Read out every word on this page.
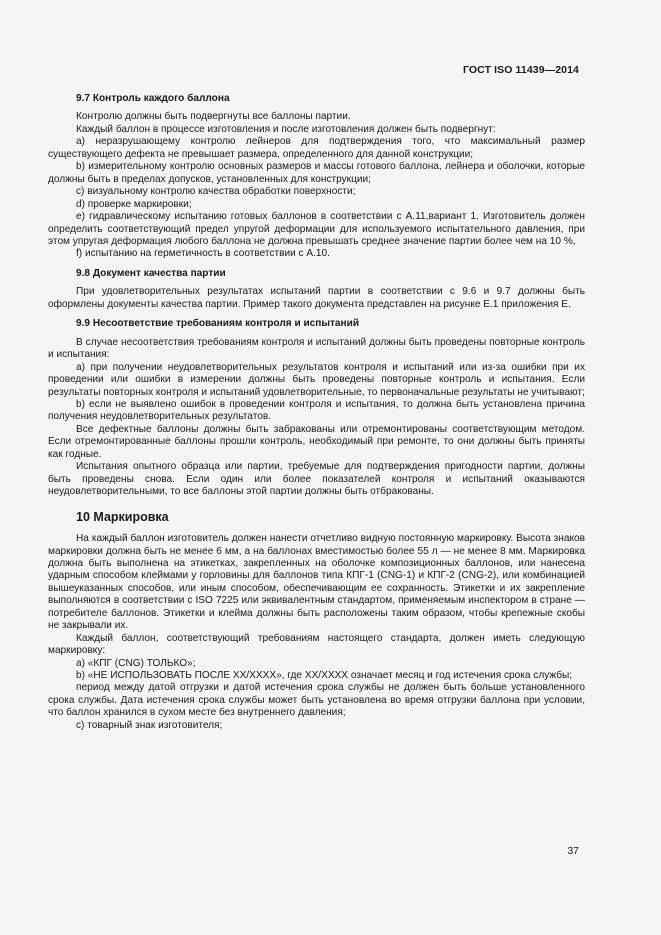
ГОСТ ISO 11439—2014
9.7 Контроль каждого баллона
Контролю должны быть подвергнуты все баллоны партии.
Каждый баллон в процессе изготовления и после изготовления должен быть подвергнут:
a) неразрушающему контролю лейнеров для подтверждения того, что максимальный размер существующего дефекта не превышает размера, определенного для данной конструкции;
b) измерительному контролю основных размеров и массы готового баллона, лейнера и оболочки, которые должны быть в пределах допусков, установленных для конструкции;
c) визуальному контролю качества обработки поверхности;
d) проверке маркировки;
e) гидравлическому испытанию готовых баллонов в соответствии с А.11,вариант 1. Изготовитель должен определить соответствующий предел упругой деформации для используемого испытательного давления, при этом упругая деформация любого баллона не должна превышать среднее значение партии более чем на 10 %,
f) испытанию на герметичность в соответствии с А.10.
9.8 Документ качества партии
При удовлетворительных результатах испытаний партии в соответствии с 9.6 и 9.7 должны быть оформлены документы качества партии. Пример такого документа представлен на рисунке Е.1 приложения Е.
9.9 Несоответствие требованиям контроля и испытаний
В случае несоответствия требованиям контроля и испытаний должны быть проведены повторные контроль и испытания:
a) при получении неудовлетворительных результатов контроля и испытаний или из-за ошибки при их проведении или ошибки в измерении должны быть проведены повторные контроль и испытания. Если результаты повторных контроля и испытаний удовлетворительные, то первоначальные результаты не учитывают;
b) если не выявлено ошибок в проведении контроля и испытания, то должна быть установлена причина получения неудовлетворительных результатов.
Все дефектные баллоны должны быть забракованы или отремонтированы соответствующим методом. Если отремонтированные баллоны прошли контроль, необходимый при ремонте, то они должны быть приняты как годные.
Испытания опытного образца или партии, требуемые для подтверждения пригодности партии, должны быть проведены снова. Если один или более показателей контроля и испытаний оказываются неудовлетворительными, то все баллоны этой партии должны быть отбракованы.
10 Маркировка
На каждый баллон изготовитель должен нанести отчетливо видную постоянную маркировку. Высота знаков маркировки должна быть не менее 6 мм, а на баллонах вместимостью более 55 л — не менее 8 мм. Маркировка должна быть выполнена на этикетках, закрепленных на оболочке композиционных баллонов, или нанесена ударным способом клеймами у горловины для баллонов типа КПГ-1 (CNG-1) и КПГ-2 (CNG-2), или комбинацией вышеуказанных способов, или иным способом, обеспечивающим ее сохранность. Этикетки и их закрепление выполняются в соответствии с ISO 7225 или эквивалентным стандартом, применяемым инспектором в стране — потребителе баллонов. Этикетки и клейма должны быть расположены таким образом, чтобы крепежные скобы не закрывали их.
Каждый баллон, соответствующий требованиям настоящего стандарта, должен иметь следующую маркировку:
a) «КПГ (CNG) ТОЛЬКО»;
b) «НЕ ИСПОЛЬЗОВАТЬ ПОСЛЕ ХХ/ХХХХ», где ХХ/ХХХХ означает месяц и год истечения срока службы;
период между датой отгрузки и датой истечения срока службы не должен быть больше установленного срока службы. Дата истечения срока службы может быть установлена во время отгрузки баллона при условии, что баллон хранился в сухом месте без внутреннего давления;
c) товарный знак изготовителя;
37
